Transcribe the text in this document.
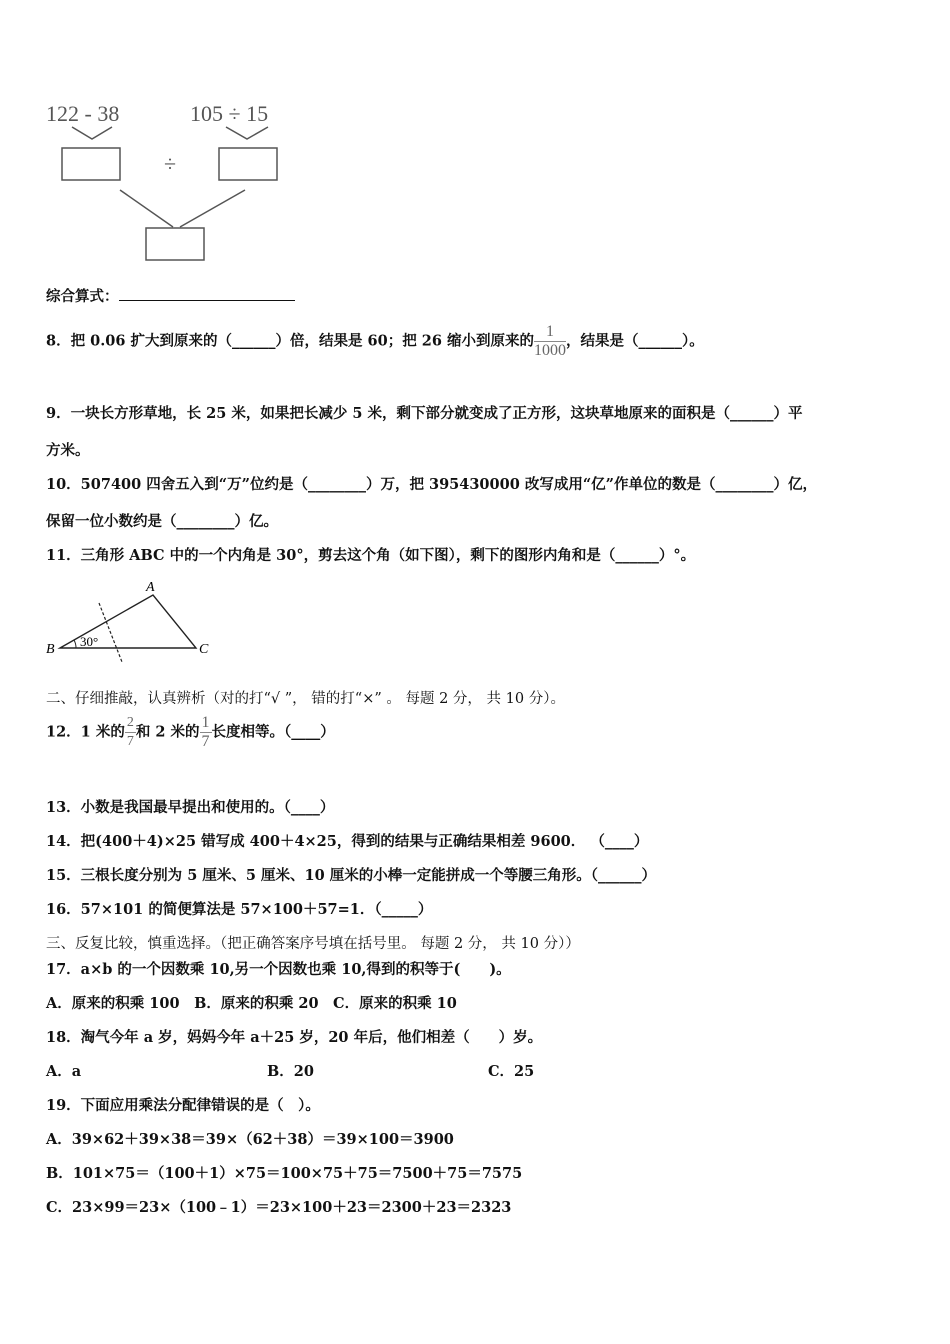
122 - 38	105 ÷ 15
÷
综合算式：
8．把 0.06 扩大到原来的（______）倍，结果是 60；把 26 缩小到原来的 $\frac{1}{1000}$ ，结果是（______）。
9．一块长方形草地，长 25 米，如果把长减少 5 米，剩下部分就变成了正方形，这块草地原来的面积是（______）平
方米。
10．507400 四舍五入到“万”位约是（________）万，把 395430000 改写成用“亿”作单位的数是（________）亿，
保留一位小数约是（________）亿。
11．三角形 ABC 中的一个内角是 30°，剪去这个角（如下图），剩下的图形内角和是（______）°。
A
B	C
30°
二、仔细推敲，认真辨析（对的打“√ ”， 错的打“×” 。 每题 2 分， 共 10 分）。
12．1 米的 $\frac{2}{7}$ 和 2 米的 $\frac{1}{7}$ 长度相等。（____）
13．小数是我国最早提出和使用的。（____）
14．把(400＋4)×25 错写成 400＋4×25，得到的结果与正确结果相差 9600． （____）
15．三根长度分别为 5 厘米、5 厘米、10 厘米的小棒一定能拼成一个等腰三角形。（______）
16．57×101 的简便算法是 57×100＋57=1．（_____）
三、反复比较，慎重选择。（把正确答案序号填在括号里。 每题 2 分， 共 10 分））
17．a×b 的一个因数乘 10,另一个因数也乘 10,得到的积等于(　　)。
A．原来的积乘 100　B．原来的积乘 20　C．原来的积乘 10
18．淘气今年 a 岁，妈妈今年 a＋25 岁，20 年后，他们相差（　　）岁。
A．a	B．20	C．25
19．下面应用乘法分配律错误的是（　）。
A．39×62＋39×38＝39×（62＋38）＝39×100＝3900
B．101×75＝（100＋1）×75＝100×75＋75＝7500＋75＝7575
C．23×99＝23×（100﹣1）＝23×100＋23＝2300＋23＝2323
